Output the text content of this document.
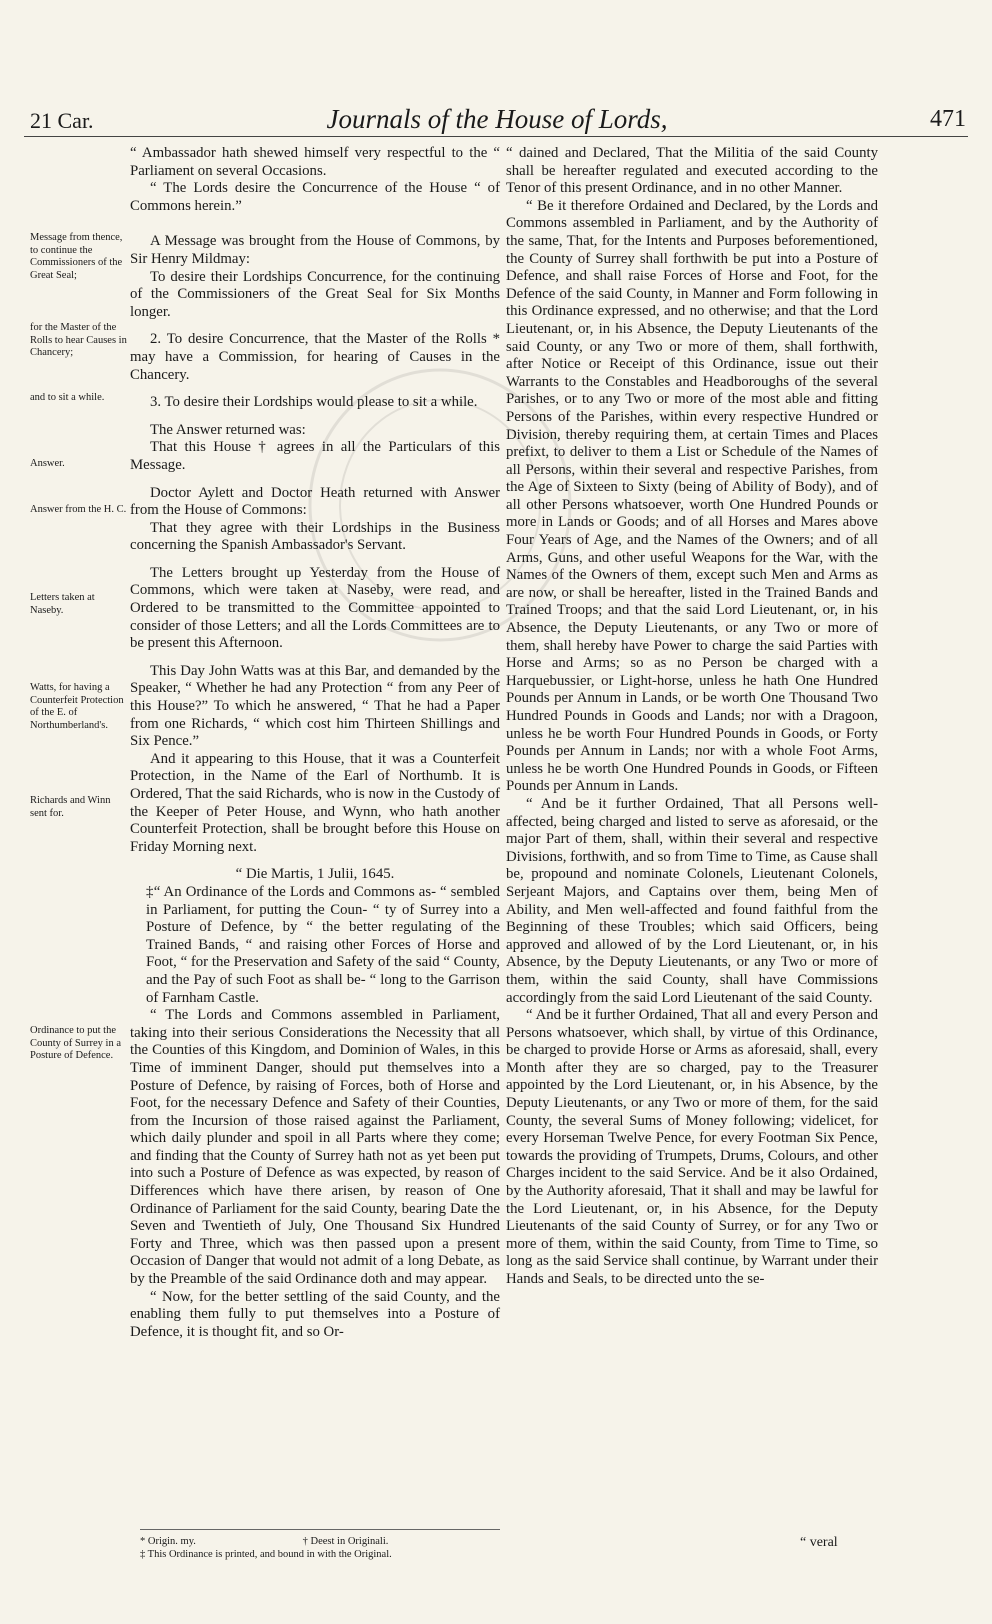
21 Car.	Journals of the House of Lords,	471
Message from thence, to continue the Commissioners of the Great Seal;
for the Master of the Rolls to hear Causes in Chancery;
and to sit a while.
Answer.
Answer from the H. C.
Letters taken at Naseby.
Watts, for having a Counterfeit Protection of the E. of Northumberland's.
Richards and Winn sent for.
Ordinance to put the County of Surrey in a Posture of Defence.

“ Ambassador hath shewed himself very respectful to the “ Parliament on several Occasions.

“ The Lords desire the Concurrence of the House “ of Commons herein.”

A Message was brought from the House of Commons, by Sir Henry Mildmay:

To desire their Lordships Concurrence, for the continuing of the Commissioners of the Great Seal for Six Months longer.

2. To desire Concurrence, that the Master of the Rolls * may have a Commission, for hearing of Causes in the Chancery.

3. To desire their Lordships would please to sit a while.

The Answer returned was:

That this House † agrees in all the Particulars of this Message.

Doctor Aylett and Doctor Heath returned with Answer from the House of Commons:

That they agree with their Lordships in the Business concerning the Spanish Ambassador's Servant.

The Letters brought up Yesterday from the House of Commons, which were taken at Naseby, were read, and Ordered to be transmitted to the Committee appointed to consider of those Letters; and all the Lords Committees are to be present this Afternoon.

This Day John Watts was at this Bar, and demanded by the Speaker, “ Whether he had any Protection “ from any Peer of this House?” To which he answered, “ That he had a Paper from one Richards, “ which cost him Thirteen Shillings and Six Pence.”

And it appearing to this House, that it was a Counterfeit Protection, in the Name of the Earl of Northumb. It is Ordered, That the said Richards, who is now in the Custody of the Keeper of Peter House, and Wynn, who hath another Counterfeit Protection, shall be brought before this House on Friday Morning next.

“ Die Martis, 1 Julii, 1645.

‡“ An Ordinance of the Lords and Commons as- “ sembled in Parliament, for putting the Coun- “ ty of Surrey into a Posture of Defence, by “ the better regulating of the Trained Bands, “ and raising other Forces of Horse and Foot, “ for the Preservation and Safety of the said “ County, and the Pay of such Foot as shall be- “ long to the Garrison of Farnham Castle.

“ The Lords and Commons assembled in Parliament, taking into their serious Considerations the Necessity that all the Counties of this Kingdom, and Dominion of Wales, in this Time of imminent Danger, should put themselves into a Posture of Defence, by raising of Forces, both of Horse and Foot, for the necessary Defence and Safety of their Counties, from the Incursion of those raised against the Parliament, which daily plunder and spoil in all Parts where they come; and finding that the County of Surrey hath not as yet been put into such a Posture of Defence as was expected, by reason of Differences which have there arisen, by reason of One Ordinance of Parliament for the said County, bearing Date the Seven and Twentieth of July, One Thousand Six Hundred Forty and Three, which was then passed upon a present Occasion of Danger that would not admit of a long Debate, as by the Preamble of the said Ordinance doth and may appear.

“ Now, for the better settling of the said County, and the enabling them fully to put themselves into a Posture of Defence, it is thought fit, and so Or-

“ dained and Declared, That the Militia of the said County shall be hereafter regulated and executed according to the Tenor of this present Ordinance, and in no other Manner.

“ Be it therefore Ordained and Declared, by the Lords and Commons assembled in Parliament, and by the Authority of the same, That, for the Intents and Purposes beforementioned, the County of Surrey shall forthwith be put into a Posture of Defence, and shall raise Forces of Horse and Foot, for the Defence of the said County, in Manner and Form following in this Ordinance expressed, and no otherwise; and that the Lord Lieutenant, or, in his Absence, the Deputy Lieutenants of the said County, or any Two or more of them, shall forthwith, after Notice or Receipt of this Ordinance, issue out their Warrants to the Constables and Headboroughs of the several Parishes, or to any Two or more of the most able and fitting Persons of the Parishes, within every respective Hundred or Division, thereby requiring them, at certain Times and Places prefixt, to deliver to them a List or Schedule of the Names of all Persons, within their several and respective Parishes, from the Age of Sixteen to Sixty (being of Ability of Body), and of all other Persons whatsoever, worth One Hundred Pounds or more in Lands or Goods; and of all Horses and Mares above Four Years of Age, and the Names of the Owners; and of all Arms, Guns, and other useful Weapons for the War, with the Names of the Owners of them, except such Men and Arms as are now, or shall be hereafter, listed in the Trained Bands and Trained Troops; and that the said Lord Lieutenant, or, in his Absence, the Deputy Lieutenants, or any Two or more of them, shall hereby have Power to charge the said Parties with Horse and Arms; so as no Person be charged with a Harquebussier, or Light-horse, unless he hath One Hundred Pounds per Annum in Lands, or be worth One Thousand Two Hundred Pounds in Goods and Lands; nor with a Dragoon, unless he be worth Four Hundred Pounds in Goods, or Forty Pounds per Annum in Lands; nor with a whole Foot Arms, unless he be worth One Hundred Pounds in Goods, or Fifteen Pounds per Annum in Lands.

“ And be it further Ordained, That all Persons well-affected, being charged and listed to serve as aforesaid, or the major Part of them, shall, within their several and respective Divisions, forthwith, and so from Time to Time, as Cause shall be, propound and nominate Colonels, Lieutenant Colonels, Serjeant Majors, and Captains over them, being Men of Ability, and Men well-affected and found faithful from the Beginning of these Troubles; which said Officers, being approved and allowed of by the Lord Lieutenant, or, in his Absence, by the Deputy Lieutenants, or any Two or more of them, within the said County, shall have Commissions accordingly from the said Lord Lieutenant of the said County.

“ And be it further Ordained, That all and every Person and Persons whatsoever, which shall, by virtue of this Ordinance, be charged to provide Horse or Arms as aforesaid, shall, every Month after they are so charged, pay to the Treasurer appointed by the Lord Lieutenant, or, in his Absence, by the Deputy Lieutenants, or any Two or more of them, for the said County, the several Sums of Money following; videlicet, for every Horseman Twelve Pence, for every Footman Six Pence, towards the providing of Trumpets, Drums, Colours, and other Charges incident to the said Service. And be it also Ordained, by the Authority aforesaid, That it shall and may be lawful for the Lord Lieutenant, or, in his Absence, for the Deputy Lieutenants of the said County of Surrey, or for any Two or more of them, within the said County, from Time to Time, so long as the said Service shall continue, by Warrant under their Hands and Seals, to be directed unto the se-

* Origin. my.	† Deest in Originali.
‡ This Ordinance is printed, and bound in with the Original.
“ veral
